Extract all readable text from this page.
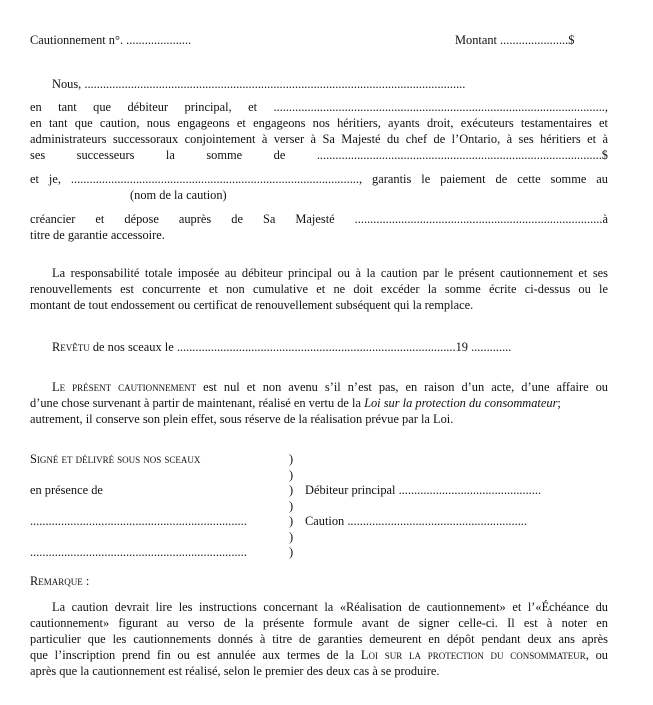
Cautionnement n°. .....................	Montant ......................$
Nous, ...........................................................................................................................
en tant que débiteur principal, et ...........................................................................................................,
en tant que caution, nous engageons et engageons nos héritiers, ayants droit, exécuteurs testamentaires et
administrateurs successoraux conjointement à verser à Sa Majesté du chef de l’Ontario, à ses héritiers et à
ses successeurs la somme de ............................................................................................$
et je, ............................................................................................., garantis le paiement de cette somme au
(nom de la caution)
créancier et dépose auprès de Sa Majesté ................................................................................à
titre de garantie accessoire.
La responsabilité totale imposée au débiteur principal ou à la caution par le présent cautionnement et ses
renouvellements est concurrente et non cumulative et ne doit excéder la somme écrite ci-dessus ou le
montant de tout endossement ou certificat de renouvellement subséquent qui la remplace.
Revêtu de nos sceaux le ..........................................................................................19 .............
Le présent cautionnement est nul et non avenu s’il n’est pas, en raison d’un acte, d’une affaire ou
d’une chose survenant à partir de maintenant, réalisé en vertu de la Loi sur la protection du consommateur;
autrement, il conserve son plein effet, sous réserve de la réalisation prévue par la Loi.
Signé et délivré sous nos sceaux
en présence de
......................................................................
......................................................................
)
)
)
)
)
)
)
Débiteur principal ..............................................
Caution ..........................................................
Remarque :
La caution devrait lire les instructions concernant la «Réalisation de cautionnement» et l’«Échéance du
cautionnement» figurant au verso de la présente formule avant de signer celle-ci. Il est à noter en
particulier que les cautionnements donnés à titre de garanties demeurent en dépôt pendant deux ans après
que l’inscription prend fin ou est annulée aux termes de la Loi sur la protection du consommateur, ou
après que la cautionnement est réalisé, selon le premier des deux cas à se produire.
